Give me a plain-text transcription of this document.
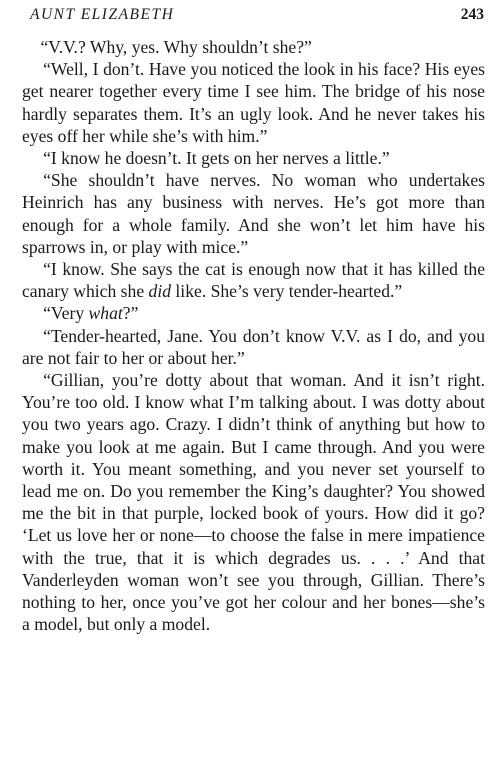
AUNT ELIZABETH	243

“V.V.? Why, yes. Why shouldn’t she?”

“Well, I don’t. Have you noticed the look in his face? His eyes get nearer together every time I see him. The bridge of his nose hardly separates them. It’s an ugly look. And he never takes his eyes off her while she’s with him.”

“I know he doesn’t. It gets on her nerves a little.”

“She shouldn’t have nerves. No woman who undertakes Heinrich has any business with nerves. He’s got more than enough for a whole family. And she won’t let him have his sparrows in, or play with mice.”

“I know. She says the cat is enough now that it has killed the canary which she did like. She’s very tender-hearted.”

“Very what?”

“Tender-hearted, Jane. You don’t know V.V. as I do, and you are not fair to her or about her.”

“Gillian, you’re dotty about that woman. And it isn’t right. You’re too old. I know what I’m talking about. I was dotty about you two years ago. Crazy. I didn’t think of anything but how to make you look at me again. But I came through. And you were worth it. You meant something, and you never set yourself to lead me on. Do you remember the King’s daughter? You showed me the bit in that purple, locked book of yours. How did it go? ‘Let us love her or none—to choose the false in mere impatience with the true, that it is which degrades us. . . .’ And that Vanderleyden woman won’t see you through, Gillian. There’s nothing to her, once you’ve got her colour and her bones—she’s a model, but only a model.
